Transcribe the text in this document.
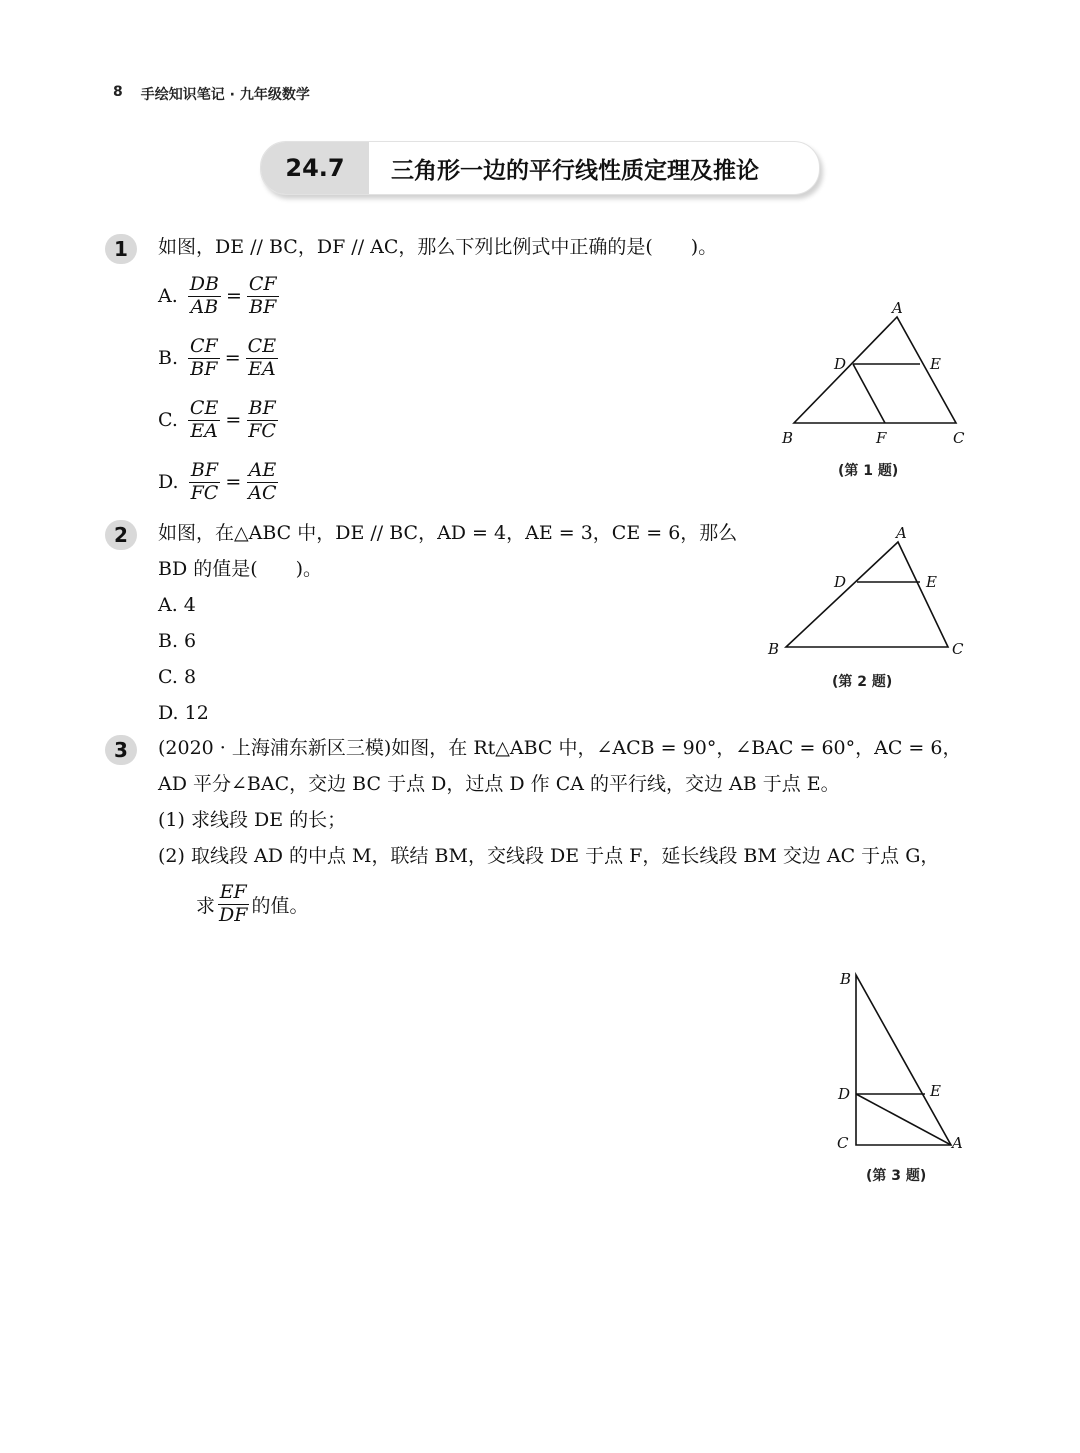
8 手绘知识笔记 · 九年级数学
24.7	三角形一边的平行线性质定理及推论
1	如图，DE // BC，DF // AC，那么下列比例式中正确的是(　　)。
A. $\frac{DB}{AB} = \frac{CF}{BF}$
B. $\frac{CF}{BF} = \frac{CE}{EA}$
C. $\frac{CE}{EA} = \frac{BF}{FC}$
D. $\frac{BF}{FC} = \frac{AE}{AC}$
A
D	E
B	F	C
(第 1 题)
2	如图，在△ABC 中，DE // BC，AD = 4，AE = 3，CE = 6，那么
BD 的值是(　　)。
A. 4
B. 6
C. 8
D. 12
A
D	E
B	C
(第 2 题)
3	(2020 · 上海浦东新区三模)如图，在 Rt△ABC 中，∠ACB = 90°，∠BAC = 60°，AC = 6，
AD 平分∠BAC，交边 BC 于点 D，过点 D 作 CA 的平行线，交边 AB 于点 E。
(1) 求线段 DE 的长；
(2) 取线段 AD 的中点 M，联结 BM，交线段 DE 于点 F，延长线段 BM 交边 AC 于点 G，
求 $\frac{EF}{DF}$ 的值。
B
D	E
C	A
(第 3 题)
